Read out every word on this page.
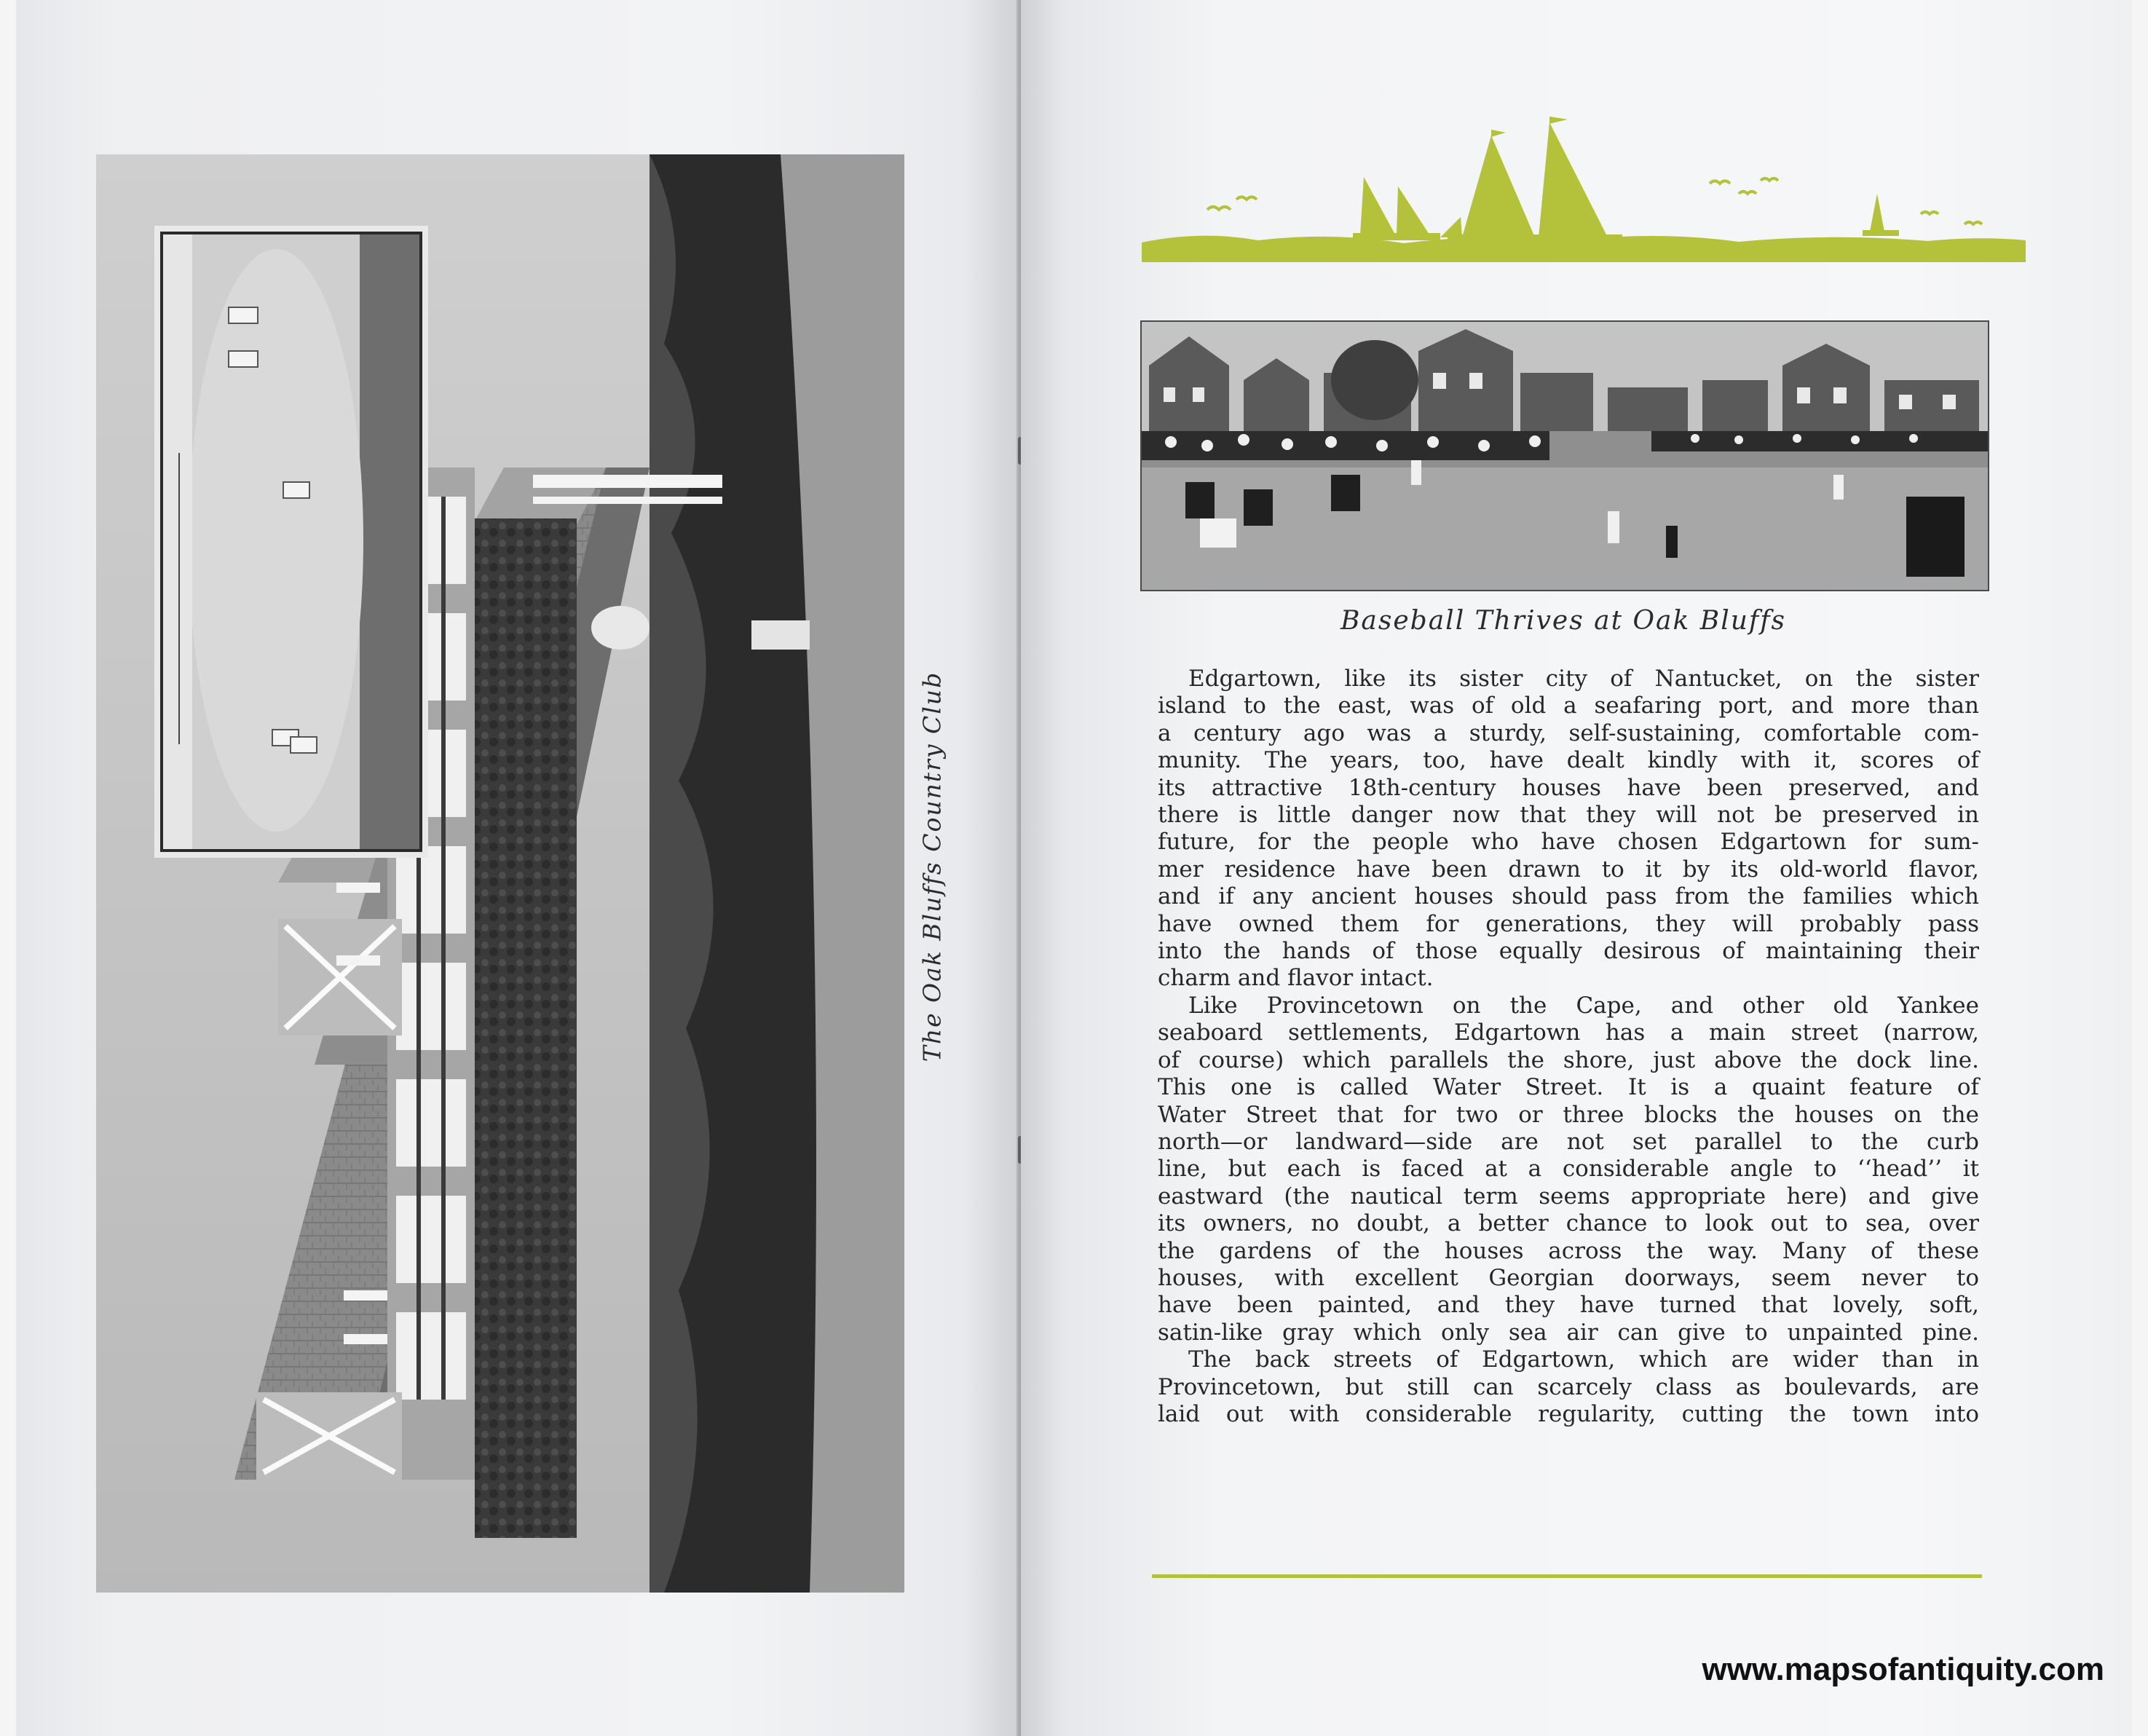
The Oak Bluffs Country Club
Baseball Thrives at Oak Bluffs
Edgartown, like its sister city of Nantucket, on the sister
island to the east, was of old a seafaring port, and more than
a century ago was a sturdy, self-sustaining, comfortable com-
munity. The years, too, have dealt kindly with it, scores of
its attractive 18th-century houses have been preserved, and
there is little danger now that they will not be preserved in
future, for the people who have chosen Edgartown for sum-
mer residence have been drawn to it by its old-world flavor,
and if any ancient houses should pass from the families which
have owned them for generations, they will probably pass
into the hands of those equally desirous of maintaining their
charm and flavor intact.
Like Provincetown on the Cape, and other old Yankee
seaboard settlements, Edgartown has a main street (narrow,
of course) which parallels the shore, just above the dock line.
This one is called Water Street. It is a quaint feature of
Water Street that for two or three blocks the houses on the
north—or landward—side are not set parallel to the curb
line, but each is faced at a considerable angle to ‘‘head’’ it
eastward (the nautical term seems appropriate here) and give
its owners, no doubt, a better chance to look out to sea, over
the gardens of the houses across the way. Many of these
houses, with excellent Georgian doorways, seem never to
have been painted, and they have turned that lovely, soft,
satin-like gray which only sea air can give to unpainted pine.
The back streets of Edgartown, which are wider than in
Provincetown, but still can scarcely class as boulevards, are
laid out with considerable regularity, cutting the town into
www.mapsofantiquity.com
